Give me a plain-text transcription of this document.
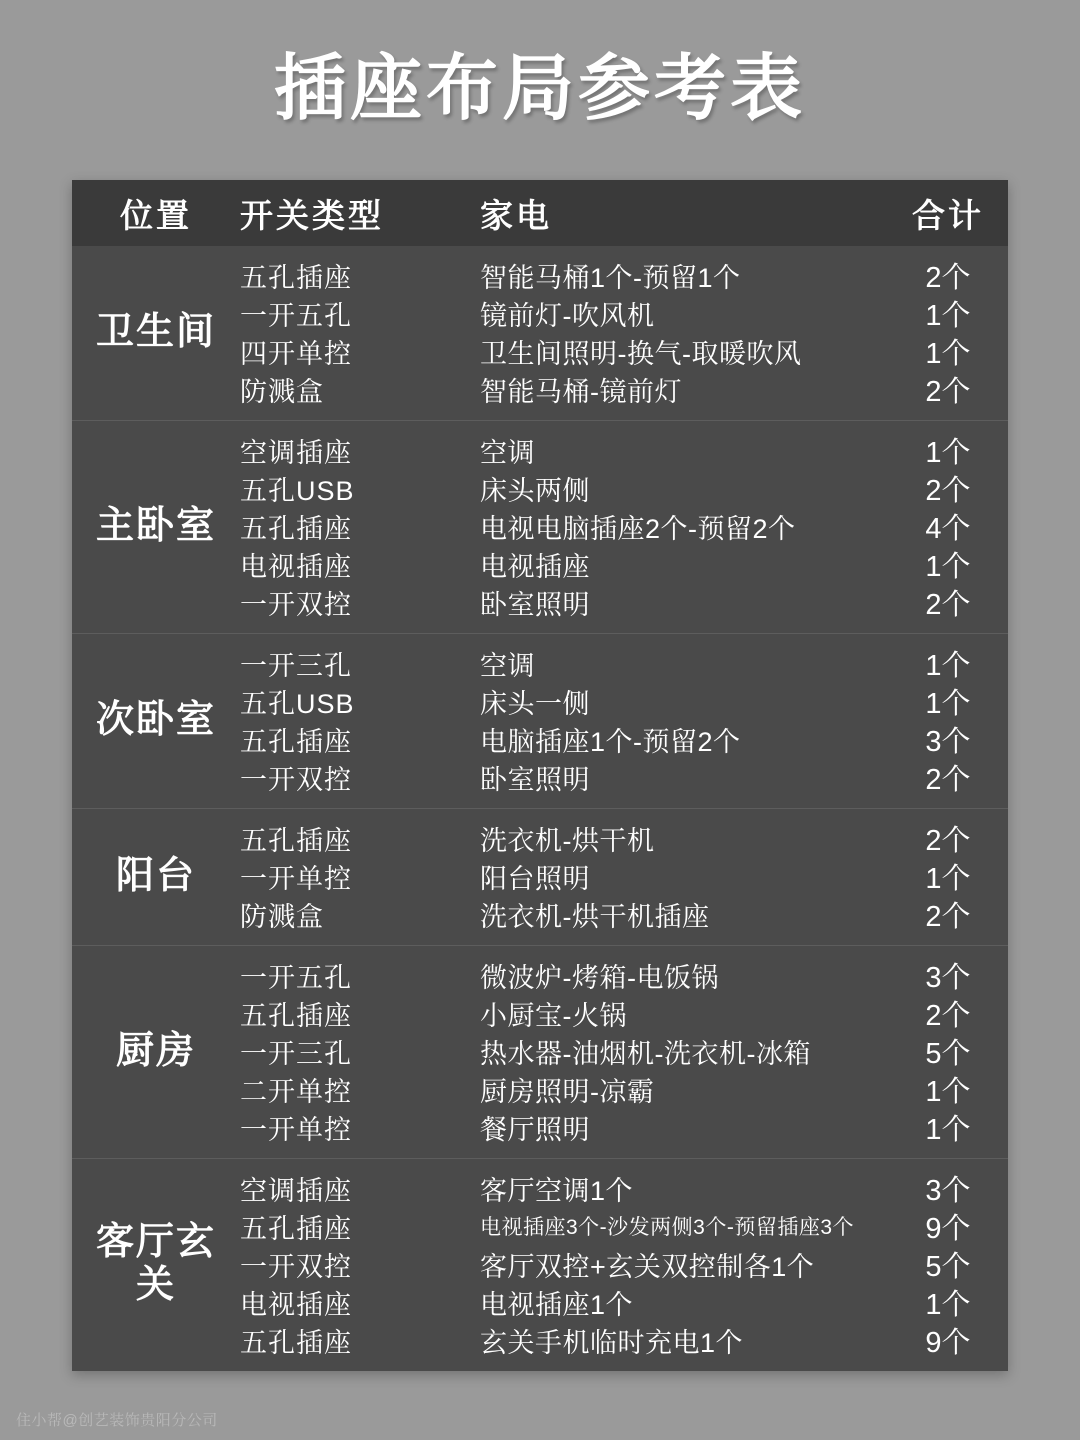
插座布局参考表
位置	开关类型	家电	合计
卫生间
五孔插座	智能马桶1个-预留1个	2个
一开五孔	镜前灯-吹风机	1个
四开单控	卫生间照明-换气-取暖吹风	1个
防溅盒	智能马桶-镜前灯	2个
主卧室
空调插座	空调	1个
五孔USB	床头两侧	2个
五孔插座	电视电脑插座2个-预留2个	4个
电视插座	电视插座	1个
一开双控	卧室照明	2个
次卧室
一开三孔	空调	1个
五孔USB	床头一侧	1个
五孔插座	电脑插座1个-预留2个	3个
一开双控	卧室照明	2个
阳台
五孔插座	洗衣机-烘干机	2个
一开单控	阳台照明	1个
防溅盒	洗衣机-烘干机插座	2个
厨房
一开五孔	微波炉-烤箱-电饭锅	3个
五孔插座	小厨宝-火锅	2个
一开三孔	热水器-油烟机-洗衣机-冰箱	5个
二开单控	厨房照明-凉霸	1个
一开单控	餐厅照明	1个
客厅玄关
空调插座	客厅空调1个	3个
五孔插座	电视插座3个-沙发两侧3个-预留插座3个	9个
一开双控	客厅双控+玄关双控制各1个	5个
电视插座	电视插座1个	1个
五孔插座	玄关手机临时充电1个	9个
住小帮@创艺装饰贵阳分公司
